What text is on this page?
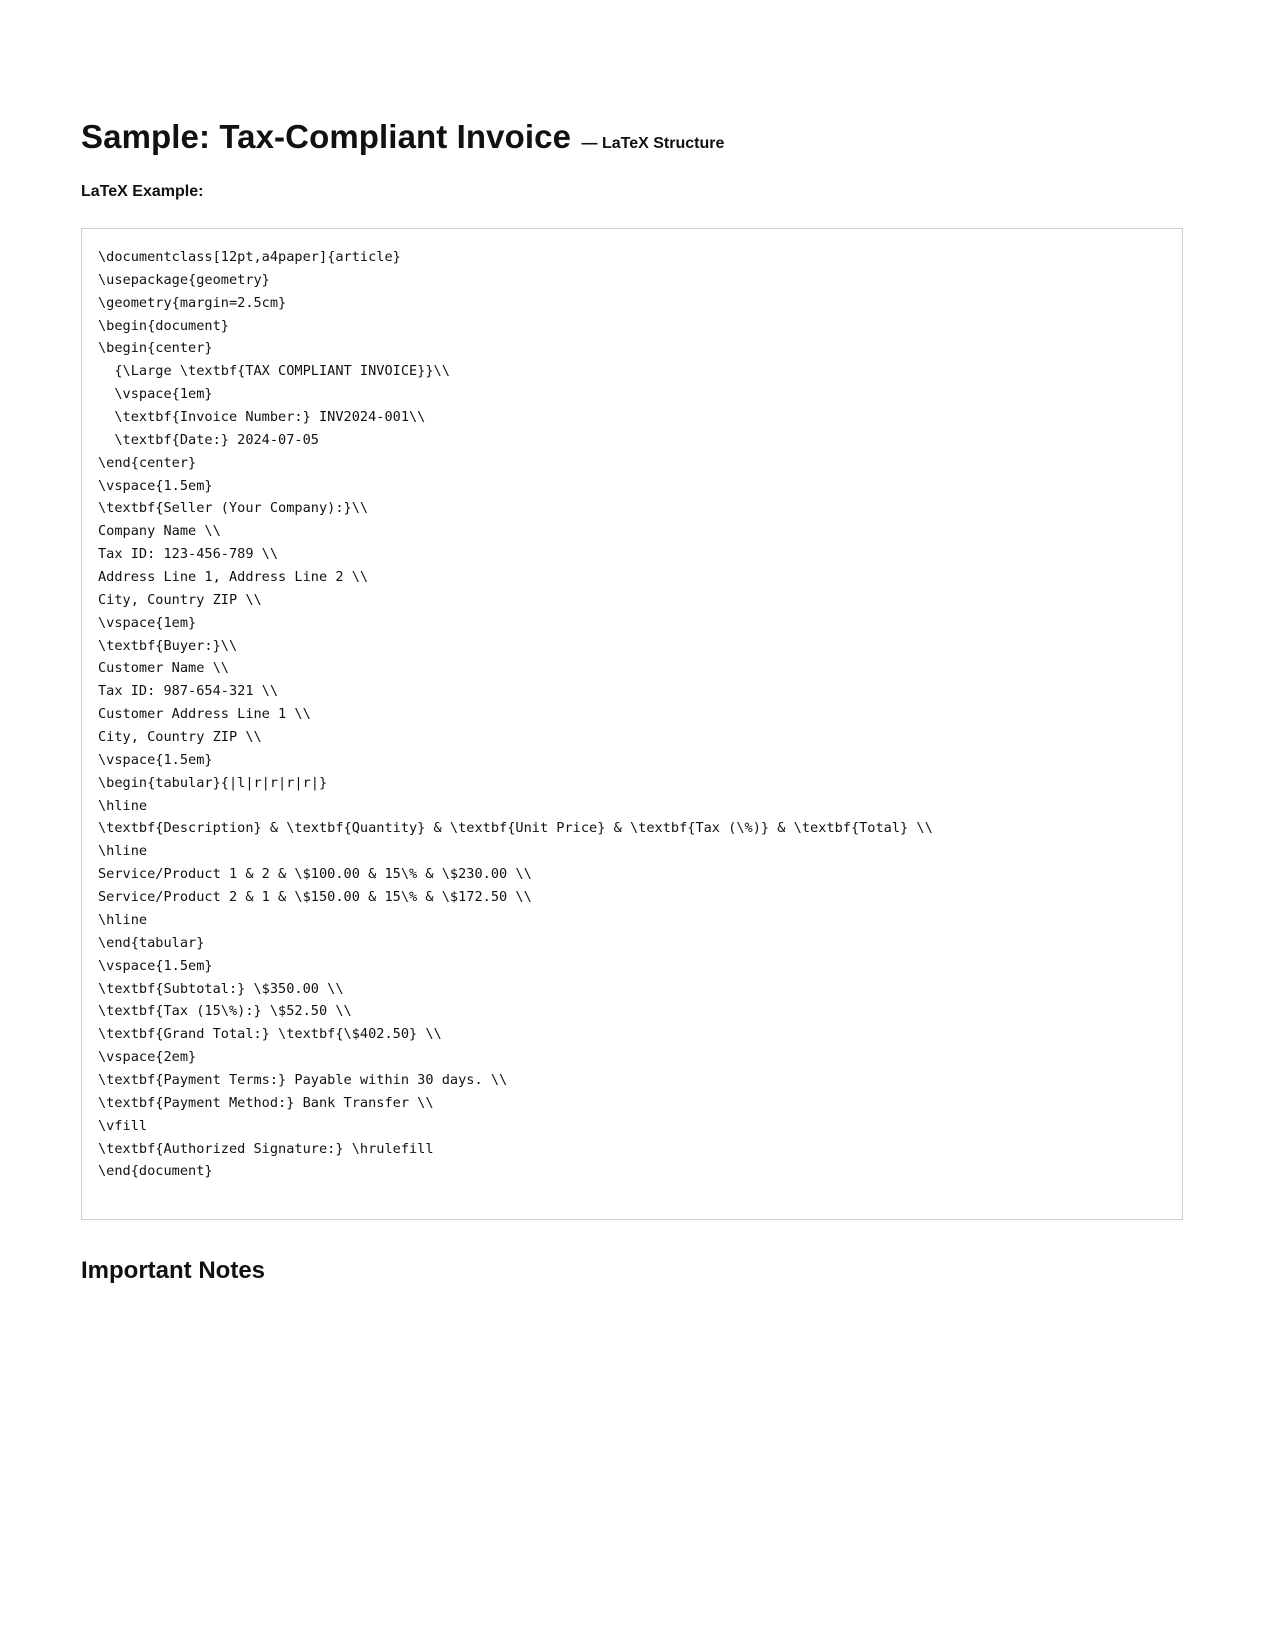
Sample: Tax-Compliant Invoice — LaTeX Structure
LaTeX Example:
\documentclass[12pt,a4paper]{article}
\usepackage{geometry}
\geometry{margin=2.5cm}
\begin{document}
\begin{center}
{\Large \textbf{TAX COMPLIANT INVOICE}}\\
\vspace{1em}
\textbf{Invoice Number:} INV2024-001\\
\textbf{Date:} 2024-07-05
\end{center}
\vspace{1.5em}
\textbf{Seller (Your Company):}\\
Company Name \\
Tax ID: 123-456-789 \\
Address Line 1, Address Line 2 \\
City, Country ZIP \\
\vspace{1em}
\textbf{Buyer:}\\
Customer Name \\
Tax ID: 987-654-321 \\
Customer Address Line 1 \\
City, Country ZIP \\
\vspace{1.5em}
\begin{tabular}{|l|r|r|r|r|}
\hline
\textbf{Description} & \textbf{Quantity} & \textbf{Unit Price} & \textbf{Tax (\%)} & \textbf{Total} \\
\hline
Service/Product 1 & 2 & \$100.00 & 15\% & \$230.00 \\
Service/Product 2 & 1 & \$150.00 & 15\% & \$172.50 \\
\hline
\end{tabular}
\vspace{1.5em}
\textbf{Subtotal:} \$350.00 \\
\textbf{Tax (15\%):} \$52.50 \\
\textbf{Grand Total:} \textbf{\$402.50} \\
\vspace{2em}
\textbf{Payment Terms:} Payable within 30 days. \\
\textbf{Payment Method:} Bank Transfer \\
\vfill
\textbf{Authorized Signature:} \hrulefill
\end{document}
Important Notes
